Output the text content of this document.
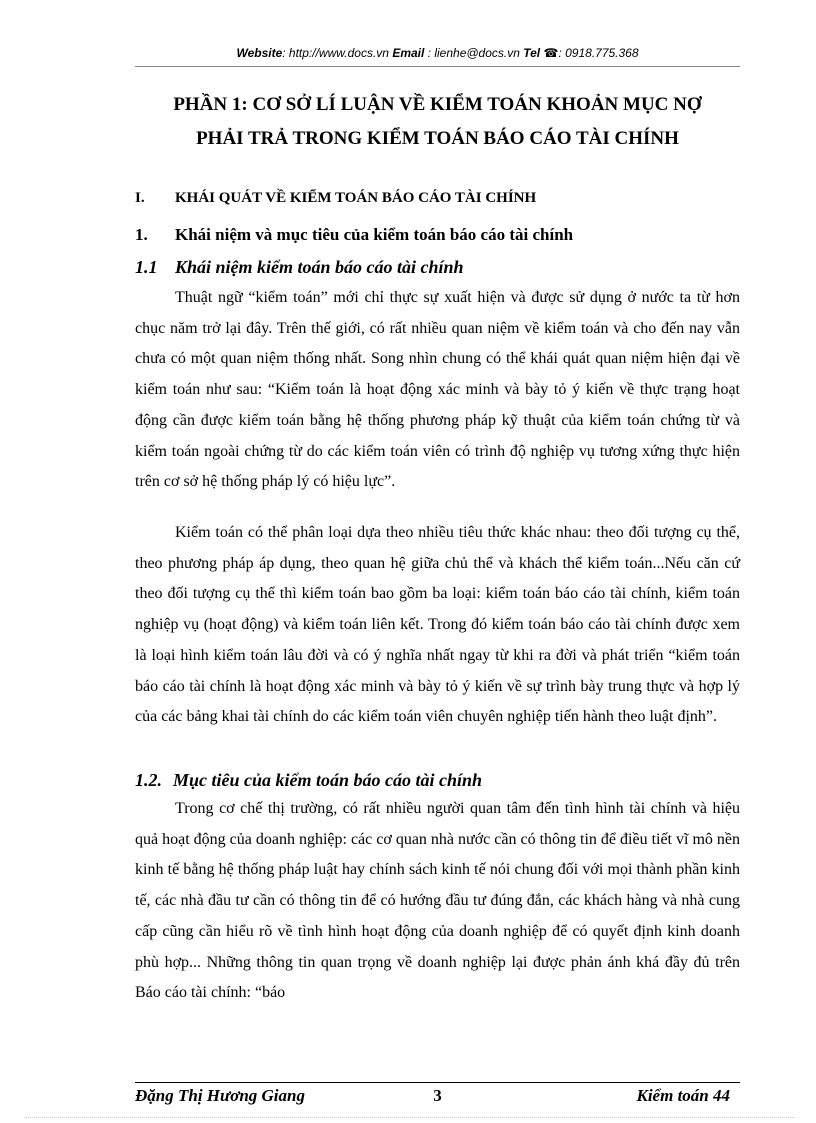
Website: http://www.docs.vn Email : lienhe@docs.vn Tel ☎: 0918.775.368
PHẦN 1: CƠ SỞ LÍ LUẬN VỀ KIỂM TOÁN KHOẢN MỤC NỢ
PHẢI TRẢ TRONG KIỂM TOÁN BÁO CÁO TÀI CHÍNH
I. KHÁI QUÁT VỀ KIỂM TOÁN BÁO CÁO TÀI CHÍNH
1. Khái niệm và mục tiêu của kiểm toán báo cáo tài chính
1.1 Khái niệm kiểm toán báo cáo tài chính

Thuật ngữ “kiểm toán” mới chỉ thực sự xuất hiện và được sử dụng ở nước ta từ hơn chục năm trở lại đây. Trên thế giới, có rất nhiều quan niệm về kiểm toán và cho đến nay vẫn chưa có một quan niệm thống nhất. Song nhìn chung có thể khái quát quan niệm hiện đại về kiểm toán như sau: “Kiểm toán là hoạt động xác minh và bày tỏ ý kiến về thực trạng hoạt động cần được kiểm toán bằng hệ thống phương pháp kỹ thuật của kiểm toán chứng từ và kiểm toán ngoài chứng từ do các kiểm toán viên có trình độ nghiệp vụ tương xứng thực hiện trên cơ sở hệ thống pháp lý có hiệu lực”.

Kiểm toán có thể phân loại dựa theo nhiều tiêu thức khác nhau: theo đối tượng cụ thể, theo phương pháp áp dụng, theo quan hệ giữa chủ thể và khách thể kiểm toán...Nếu căn cứ theo đối tượng cụ thể thì kiểm toán bao gồm ba loại: kiểm toán báo cáo tài chính, kiểm toán nghiệp vụ (hoạt động) và kiểm toán liên kết. Trong đó kiểm toán báo cáo tài chính được xem là loại hình kiểm toán lâu đời và có ý nghĩa nhất ngay từ khi ra đời và phát triển “kiểm toán báo cáo tài chính là hoạt động xác minh và bày tỏ ý kiến về sự trình bày trung thực và hợp lý của các bảng khai tài chính do các kiểm toán viên chuyên nghiệp tiến hành theo luật định”.

1.2. Mục tiêu của kiểm toán báo cáo tài chính

Trong cơ chế thị trường, có rất nhiều người quan tâm đến tình hình tài chính và hiệu quả hoạt động của doanh nghiệp: các cơ quan nhà nước cần có thông tin để điều tiết vĩ mô nền kinh tế bằng hệ thống pháp luật hay chính sách kinh tế nói chung đối với mọi thành phần kinh tế, các nhà đầu tư cần có thông tin để có hướng đầu tư đúng đắn, các khách hàng và nhà cung cấp cũng cần hiểu rõ về tình hình hoạt động của doanh nghiệp để có quyết định kinh doanh phù hợp... Những thông tin quan trọng về doanh nghiệp lại được phản ánh khá đầy đủ trên Báo cáo tài chính: “báo

Đặng Thị Hương Giang	3	Kiểm toán 44
